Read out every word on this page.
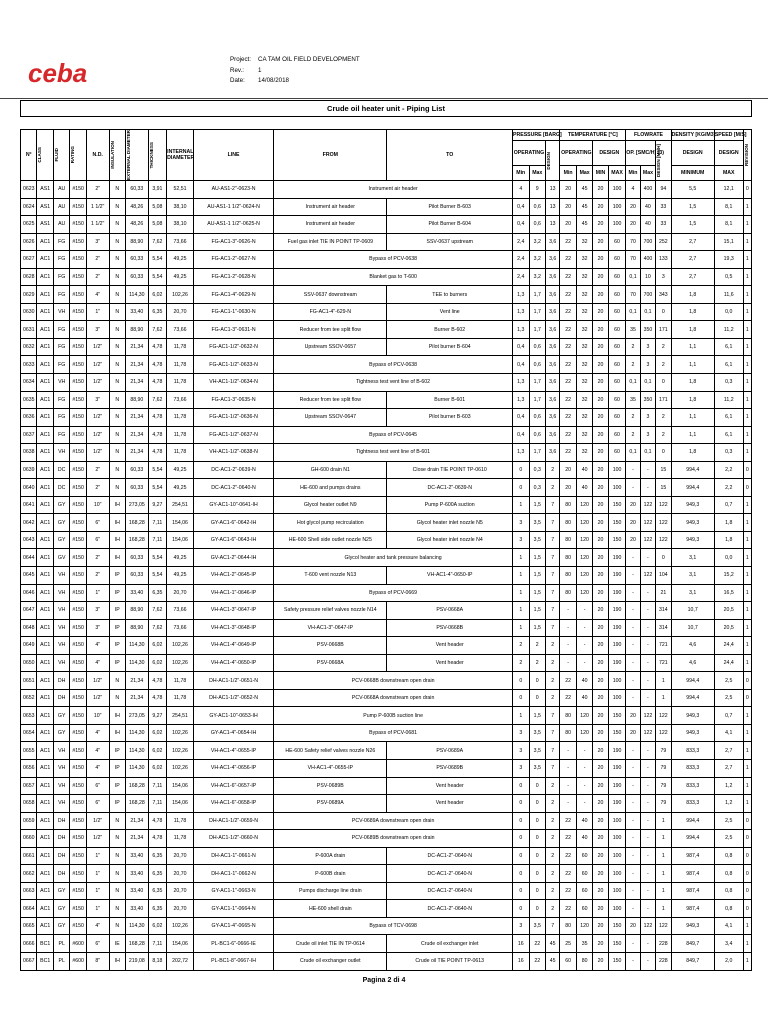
ceba	Project:	CA TAM OIL FIELD DEVELOPMENT
Rev.:	1
Date:	14/08/2018
Crude oil heater unit - Piping List
N°	CLASS	FLUID	RATING	N.D.	INSULATION	EXTERNAL DIAMETER	THICKNESS	INTERNAL DIAMETER	LINE	FROM	TO	PRESSURE [BARG]			TEMPERATURE [°C]				FLOWRATE			DENSITY [KG/M3]	SPEED [M/S]	REVISION

												OPERATING		DESIGN	OPERATING		DESIGN		OP. [SMC/H] (3)		DESIGN [M3/H]	DESIGN	DESIGN	
												Min	Max		Min	Max	MIN	MAX	Min	Max		MINIMUM	MAX	
0623	AS1	AU	#150	2"	N	60,33	3,91	52,51	AU-AS1-2"-0623-N	Instrument air header		4	9	13	20	45	20	100	4	400	94	5,5	12,1	0
0624	AS1	AU	#150	1 1/2"	N	48,26	5,08	38,10	AU-AS1-1 1/2"-0624-N	Instrument air header	Pilot Burner B-603	0,4	0,6	13	20	45	20	100	20	40	33	1,5	8,1	1
0625	AS1	AU	#150	1 1/2"	N	48,26	5,08	38,10	AU-AS1-1 1/2"-0625-N	Instrument air header	Pilot Burner B-604	0,4	0,6	13	20	45	20	100	20	40	33	1,5	8,1	1
0626	AC1	FG	#150	3"	N	88,90	7,62	73,66	FG-AC1-3"-0626-N	Fuel gas inlet TIE IN POINT TP-0609	SSV-0637 upstream	2,4	3,2	3,6	22	32	20	60	70	700	252	2,7	15,1	1
0627	AC1	FG	#150	2"	N	60,33	5,54	49,25	FG-AC1-2"-0627-N	Bypass of PCV-0638		2,4	3,2	3,6	22	32	20	60	70	400	133	2,7	19,3	1
0628	AC1	FG	#150	2"	N	60,33	5,54	49,25	FG-AC1-2"-0628-N	Blanket gas to T-600		2,4	3,2	3,6	22	32	20	60	0,1	10	3	2,7	0,5	1
0629	AC1	FG	#150	4"	N	114,30	6,02	102,26	FG-AC1-4"-0629-N	SSV-0637 downstream	TEE to burners	1,3	1,7	3,6	22	32	20	60	70	700	343	1,8	11,6	1
0630	AC1	VH	#150	1"	N	33,40	6,35	20,70	FG-AC1-1"-0630-N	FG-AC1-4"-629-N	Vent line	1,3	1,7	3,6	22	32	20	60	0,1	0,1	0	1,8	0,0	1
0631	AC1	FG	#150	3"	N	88,90	7,62	73,66	FG-AC1-3"-0631-N	Reducer from tee split flow	Burner B-602	1,3	1,7	3,6	22	32	20	60	35	350	171	1,8	11,2	1
0632	AC1	FG	#150	1/2"	N	21,34	4,78	11,78	FG-AC1-1/2"-0632-N	Upstream SSOV-0657	Pilot burner B-604	0,4	0,6	3,6	22	32	20	60	2	3	2	1,1	6,1	1
0633	AC1	FG	#150	1/2"	N	21,34	4,78	11,78	FG-AC1-1/2"-0633-N	Bypass of PCV-0638		0,4	0,6	3,6	22	32	20	60	2	3	2	1,1	6,1	1
0634	AC1	VH	#150	1/2"	N	21,34	4,78	11,78	VH-AC1-1/2"-0634-N	Tightness test vent line of B-602		1,3	1,7	3,6	22	32	20	60	0,1	0,1	0	1,8	0,3	1
0635	AC1	FG	#150	3"	N	88,90	7,62	73,66	FG-AC1-3"-0635-N	Reducer from tee split flow	Burner B-601	1,3	1,7	3,6	22	32	20	60	35	350	171	1,8	11,2	1
0636	AC1	FG	#150	1/2"	N	21,34	4,78	11,78	FG-AC1-1/2"-0636-N	Upstream SSOV-0647	Pilot burner B-603	0,4	0,6	3,6	22	32	20	60	2	3	2	1,1	6,1	1
0637	AC1	FG	#150	1/2"	N	21,34	4,78	11,78	FG-AC1-1/2"-0637-N	Bypass of PCV-0645		0,4	0,6	3,6	22	32	20	60	2	3	2	1,1	6,1	1
0638	AC1	VH	#150	1/2"	N	21,34	4,78	11,78	VH-AC1-1/2"-0638-N	Tightness test vent line of B-601		1,3	1,7	3,6	22	32	20	60	0,1	0,1	0	1,8	0,3	1
0639	AC1	DC	#150	2"	N	60,33	5,54	49,25	DC-AC1-2"-0639-N	GH-600 drain N1	Close drain TIE POINT TP-0610	0	0,3	2	20	40	20	100	-	-	15	994,4	2,2	0
0640	AC1	DC	#150	2"	N	60,33	5,54	49,25	DC-AC1-2"-0640-N	HE-600 and pumps drains	DC-AC1-2"-0639-N	0	0,3	2	20	40	20	100	-	-	15	994,4	2,2	0
0641	AC1	GY	#150	10"	IH	273,05	9,27	254,51	GY-AC1-10"-0641-IH	Glycol heater outlet N9	Pump P-600A suction	1	1,5	7	80	120	20	150	20	122	122	949,3	0,7	1
0642	AC1	GY	#150	6"	IH	168,28	7,11	154,06	GY-AC1-6"-0642-IH	Hot glycol pump recirculation	Glycol heater inlet nozzle N5	3	3,5	7	80	120	20	150	20	122	122	949,3	1,8	1
0643	AC1	GY	#150	6"	IH	168,28	7,11	154,06	GY-AC1-6"-0643-IH	HE-600 Shell side outlet nozzle N25	Glycol heater inlet nozzle N4	3	3,5	7	80	120	20	150	20	122	122	949,3	1,8	1
0644	AC1	GV	#150	2"	IH	60,33	5,54	49,25	GV-AC1-2"-0644-IH	Glycol heater and tank pressure balancing		1	1,5	7	80	120	20	190	-	-	0	3,1	0,0	1
0645	AC1	VH	#150	2"	IP	60,33	5,54	49,25	VH-AC1-2"-0645-IP	T-600 vent nozzle N13	VH-AC1-4"-0650-IP	1	1,5	7	80	120	20	190	-	122	104	3,1	15,2	1
0646	AC1	VH	#150	1"	IP	33,40	6,35	20,70	VH-AC1-1"-0646-IP	Bypass of PCV-0669		1	1,5	7	80	120	20	190	-	-	21	3,1	16,5	1
0647	AC1	VH	#150	3"	IP	88,90	7,62	73,66	VH-AC1-3"-0647-IP	Safety pressure relief valves nozzle N14	PSV-0668A	1	1,5	7	-	-	20	190	-	-	314	10,7	20,5	1
0648	AC1	VH	#150	3"	IP	88,90	7,62	73,66	VH-AC1-3"-0648-IP	VH-AC1-3"-0647-IP	PSV-0668B	1	1,5	7	-	-	20	190	-	-	314	10,7	20,5	1
0649	AC1	VH	#150	4"	IP	114,30	6,02	102,26	VH-AC1-4"-0649-IP	PSV-0668B	Vent header	2	2	2	-	-	20	190	-	-	721	4,6	24,4	1
0650	AC1	VH	#150	4"	IP	114,30	6,02	102,26	VH-AC1-4"-0650-IP	PSV-0668A	Vent header	2	2	2	-	-	20	190	-	-	721	4,6	24,4	1
0651	AC1	DH	#150	1/2"	N	21,34	4,78	11,78	DH-AC1-1/2"-0651-N	PCV-0668B downstream open drain		0	0	2	22	40	20	100	-	-	1	994,4	2,5	0
0652	AC1	DH	#150	1/2"	N	21,34	4,78	11,78	DH-AC1-1/2"-0652-N	PCV-0668A downstream open drain		0	0	2	22	40	20	100	-	-	1	994,4	2,5	0
0653	AC1	GY	#150	10"	IH	273,05	9,27	254,51	GY-AC1-10"-0653-IH	Pump P-600B suction line		1	1,5	7	80	120	20	150	20	122	122	949,3	0,7	1
0654	AC1	GY	#150	4"	IH	114,30	6,02	102,26	GY-AC1-4"-0654-IH	Bypass of PCV-0681		3	3,5	7	80	120	20	150	20	122	122	949,3	4,1	1
0655	AC1	VH	#150	4"	IP	114,30	6,02	102,26	VH-AC1-4"-0655-IP	HE-600 Safety relief valves nozzle N26	PSV-0689A	3	3,5	7	-	-	20	190	-	-	79	833,3	2,7	1
0656	AC1	VH	#150	4"	IP	114,30	6,02	102,26	VH-AC1-4"-0656-IP	VH-AC1-4"-0655-IP	PSV-0689B	3	3,5	7	-	-	20	190	-	-	79	833,3	2,7	1
0657	AC1	VH	#150	6"	IP	168,28	7,11	154,06	VH-AC1-6"-0657-IP	PSV-0689B	Vent header	0	0	2	-	-	20	190	-	-	79	833,3	1,2	1
0658	AC1	VH	#150	6"	IP	168,28	7,11	154,06	VH-AC1-6"-0658-IP	PSV-0689A	Vent header	0	0	2	-	-	20	190	-	-	79	833,3	1,2	1
0659	AC1	DH	#150	1/2"	N	21,34	4,78	11,78	DH-AC1-1/2"-0659-N	PCV-0689A downstream open drain		0	0	2	22	40	20	100	-	-	1	994,4	2,5	0
0660	AC1	DH	#150	1/2"	N	21,34	4,78	11,78	DH-AC1-1/2"-0660-N	PCV-0689B downstream open drain		0	0	2	22	40	20	100	-	-	1	994,4	2,5	0
0661	AC1	DH	#150	1"	N	33,40	6,35	20,70	DH-AC1-1"-0661-N	P-600A drain	DC-AC1-2"-0640-N	0	0	2	22	60	20	100	-	-	1	987,4	0,8	0
0662	AC1	DH	#150	1"	N	33,40	6,35	20,70	DH-AC1-1"-0662-N	P-600B drain	DC-AC1-2"-0640-N	0	0	2	22	60	20	100	-	-	1	987,4	0,8	0
0663	AC1	GY	#150	1"	N	33,40	6,35	20,70	GY-AC1-1"-0663-N	Pumps discharge line drain	DC-AC1-2"-0640-N	0	0	2	22	60	20	100	-	-	1	987,4	0,8	0
0664	AC1	GY	#150	1"	N	33,40	6,35	20,70	GY-AC1-1"-0664-N	HE-600 shell drain	DC-AC1-2"-0640-N	0	0	2	22	60	20	100	-	-	1	987,4	0,8	0
0665	AC1	GY	#150	4"	N	114,30	6,02	102,26	GY-AC1-4"-0665-N	Bypass of TCV-0698		3	3,5	7	80	120	20	150	20	122	122	949,3	4,1	1
0666	BC1	PL	#600	6"	IE	168,28	7,11	154,06	PL-BC1-6"-0666-IE	Crude oil inlet TIE IN TP-0614	Crude oil exchanger inlet	16	22	45	25	35	20	150	-	-	228	849,7	3,4	1
0667	BC1	PL	#600	8"	IH	219,08	8,18	202,72	PL-BC1-8"-0667-IH	Crude oil exchanger outlet	Crude oil TIE POINT TP-0613	16	22	45	60	80	20	150	-	-	228	849,7	2,0	1
Pagina 2 di 4
